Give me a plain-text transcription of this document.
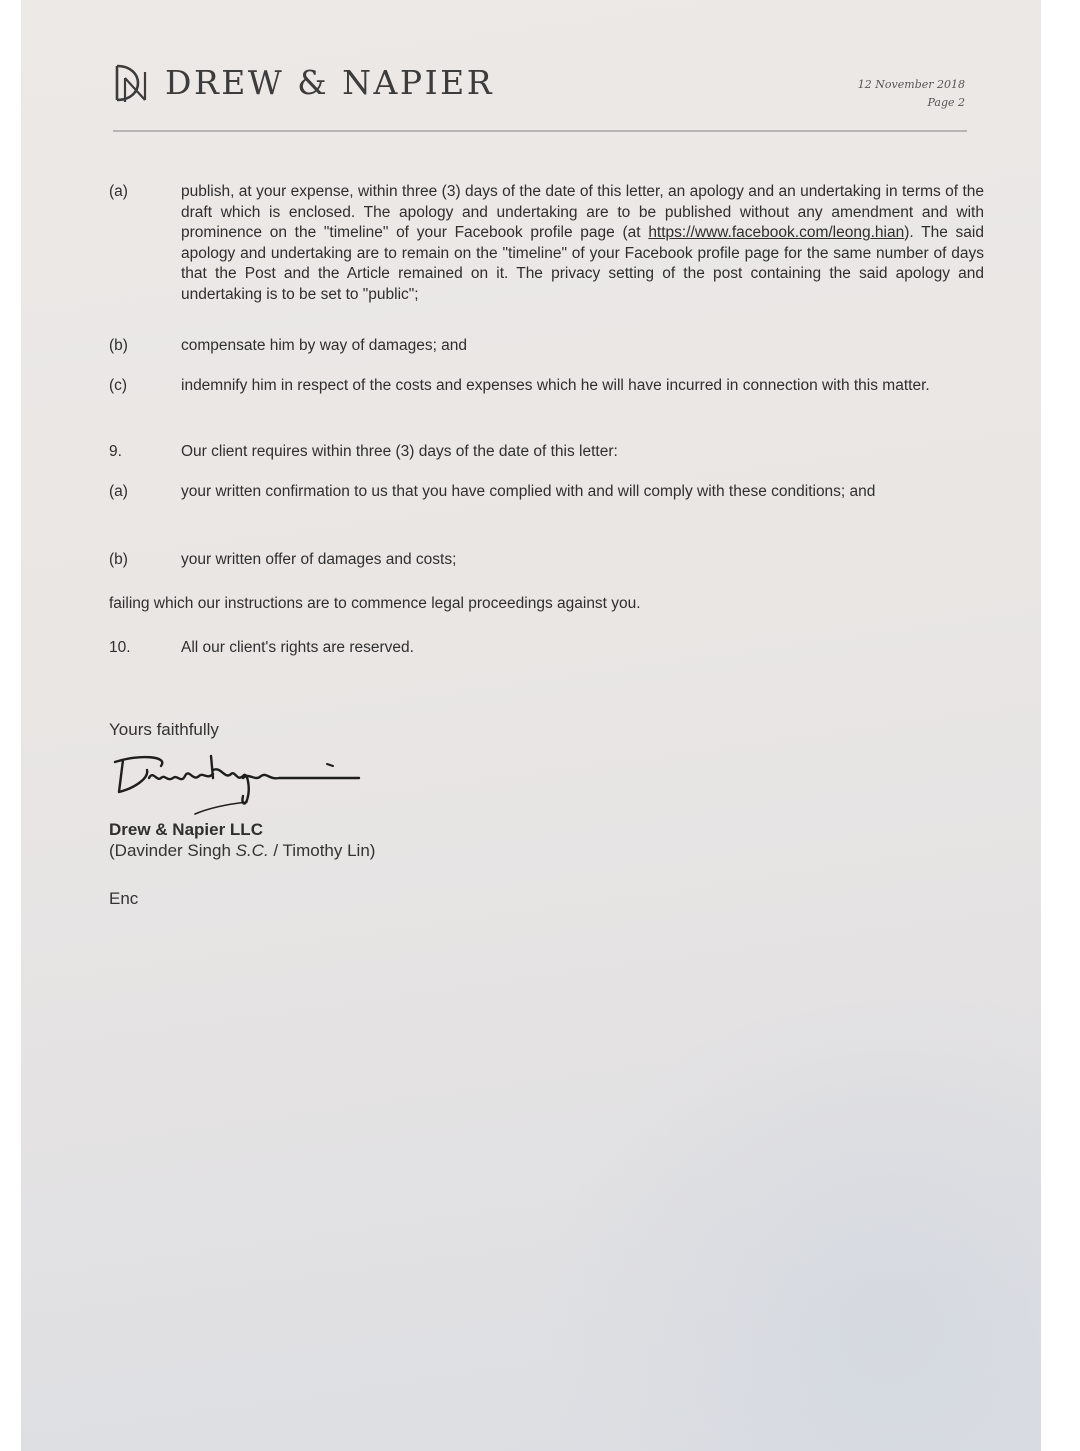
DREW & NAPIER	12 November 2018
Page 2
(a)	publish, at your expense, within three (3) days of the date of this letter, an apology and an undertaking in terms of the draft which is enclosed. The apology and undertaking are to be published without any amendment and with prominence on the "timeline" of your Facebook profile page (at https://www.facebook.com/leong.hian). The said apology and undertaking are to remain on the "timeline" of your Facebook profile page for the same number of days that the Post and the Article remained on it. The privacy setting of the post containing the said apology and undertaking is to be set to "public";
(b)	compensate him by way of damages; and
(c)	indemnify him in respect of the costs and expenses which he will have incurred in connection with this matter.
9.	Our client requires within three (3) days of the date of this letter:
(a)	your written confirmation to us that you have complied with and will comply with these conditions; and
(b)	your written offer of damages and costs;
failing which our instructions are to commence legal proceedings against you.
10.	All our client's rights are reserved.
Yours faithfully
Drew & Napier LLC
(Davinder Singh S.C. / Timothy Lin)
Enc
